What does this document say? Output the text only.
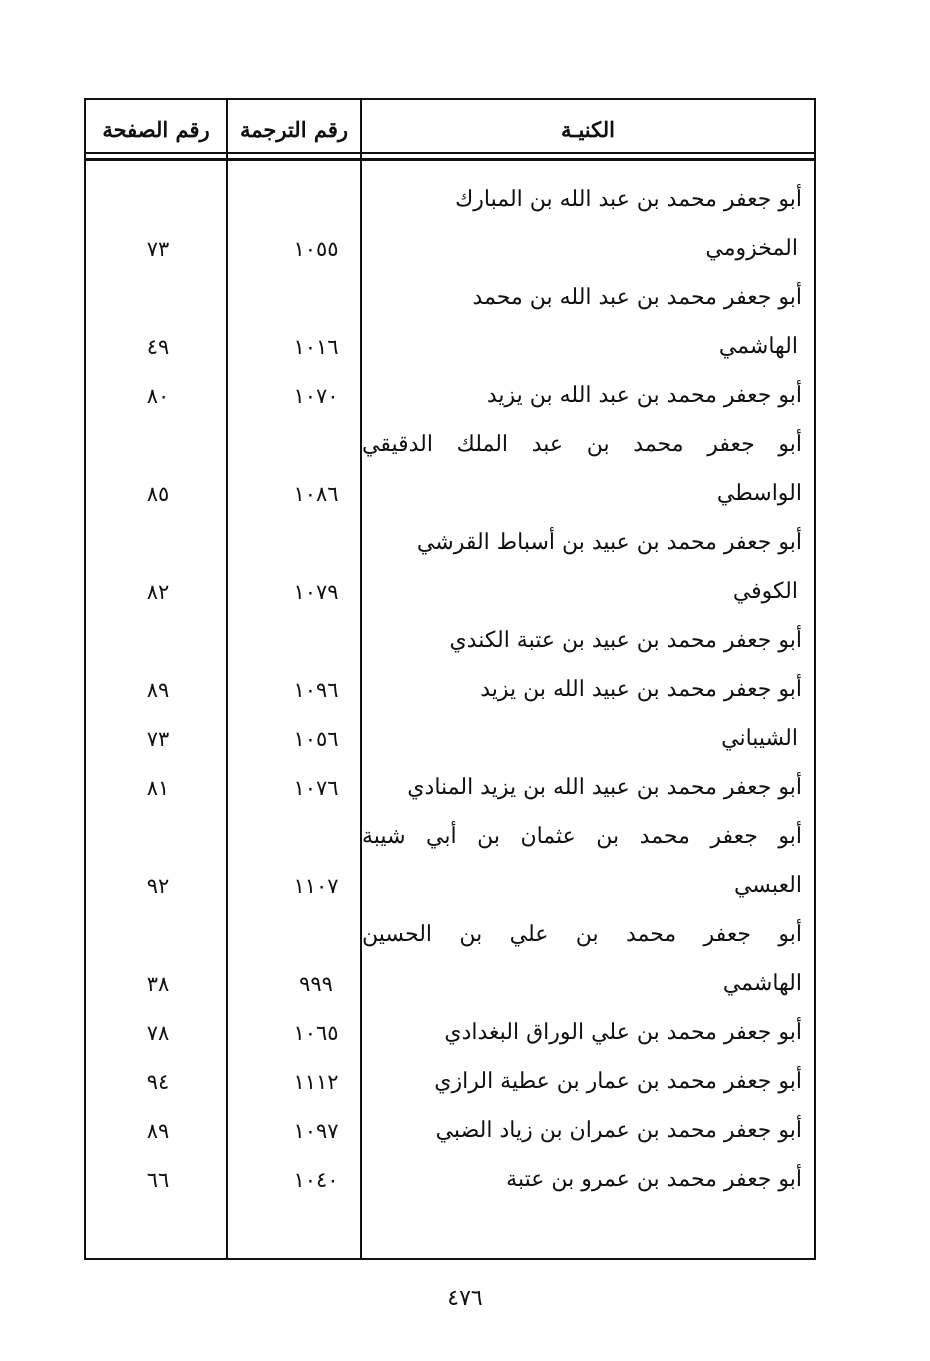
الكنيـة
رقم الترجمة
رقم الصفحة
أبو جعفر محمد بن عبد الله بن المبارك
المخزومي
١٠٥٥
٧٣
أبو جعفر محمد بن عبد الله بن محمد
الهاشمي
١٠١٦
٤٩
أبو جعفر محمد بن عبد الله بن يزيد
١٠٧٠
٨٠
أبو جعفر محمد بن عبد الملك الدقيقي
الواسطي
١٠٨٦
٨٥
أبو جعفر محمد بن عبيد بن أسباط القرشي
الكوفي
١٠٧٩
٨٢
أبو جعفر محمد بن عبيد بن عتبة الكندي
أبو جعفر محمد بن عبيد الله بن يزيد
١٠٩٦
٨٩
الشيباني
١٠٥٦
٧٣
أبو جعفر محمد بن عبيد الله بن يزيد المنادي
١٠٧٦
٨١
أبو جعفر محمد بن عثمان بن أبي شيبة
العبسي
١١٠٧
٩٢
أبو جعفر محمد بن علي بن الحسين
الهاشمي
٩٩٩
٣٨
أبو جعفر محمد بن علي الوراق البغدادي
١٠٦٥
٧٨
أبو جعفر محمد بن عمار بن عطية الرازي
١١١٢
٩٤
أبو جعفر محمد بن عمران بن زياد الضبي
١٠٩٧
٨٩
أبو جعفر محمد بن عمرو بن عتبة
١٠٤٠
٦٦
٤٧٦
